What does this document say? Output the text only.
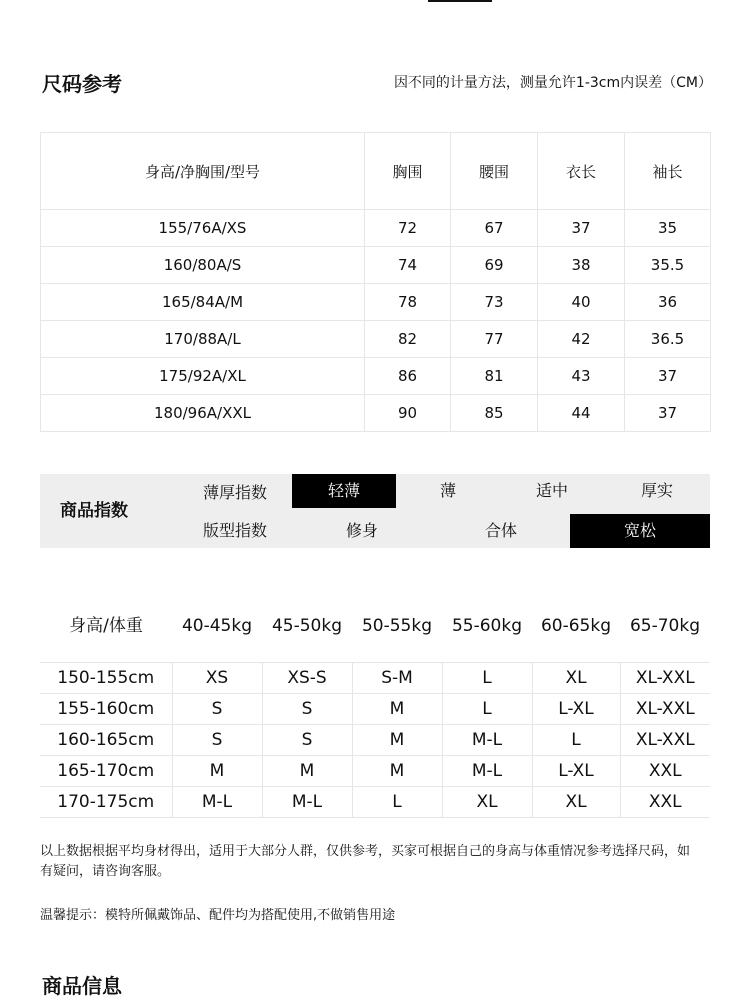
尺码参考	因不同的计量方法，测量允许1-3cm内误差（CM）
身高/净胸围/型号	胸围	腰围	衣长	袖长
155/76A/XS	72	67	37	35
160/80A/S	74	69	38	35.5
165/84A/M	78	73	40	36
170/88A/L	82	77	42	36.5
175/92A/XL	86	81	43	37
180/96A/XXL	90	85	44	37
商品指数
薄厚指数	轻薄	薄	适中	厚实
版型指数	修身	合体	宽松
身高/体重	40-45kg	45-50kg	50-55kg	55-60kg	60-65kg	65-70kg
150-155cm	XS	XS-S	S-M	L	XL	XL-XXL
155-160cm	S	S	M	L	L-XL	XL-XXL
160-165cm	S	S	M	M-L	L	XL-XXL
165-170cm	M	M	M	M-L	L-XL	XXL
170-175cm	M-L	M-L	L	XL	XL	XXL
以上数据根据平均身材得出，适用于大部分人群，仅供参考，买家可根据自己的身高与体重情况参考选择尺码，如有疑问，请咨询客服。
温馨提示：模特所佩戴饰品、配件均为搭配使用,不做销售用途
商品信息
